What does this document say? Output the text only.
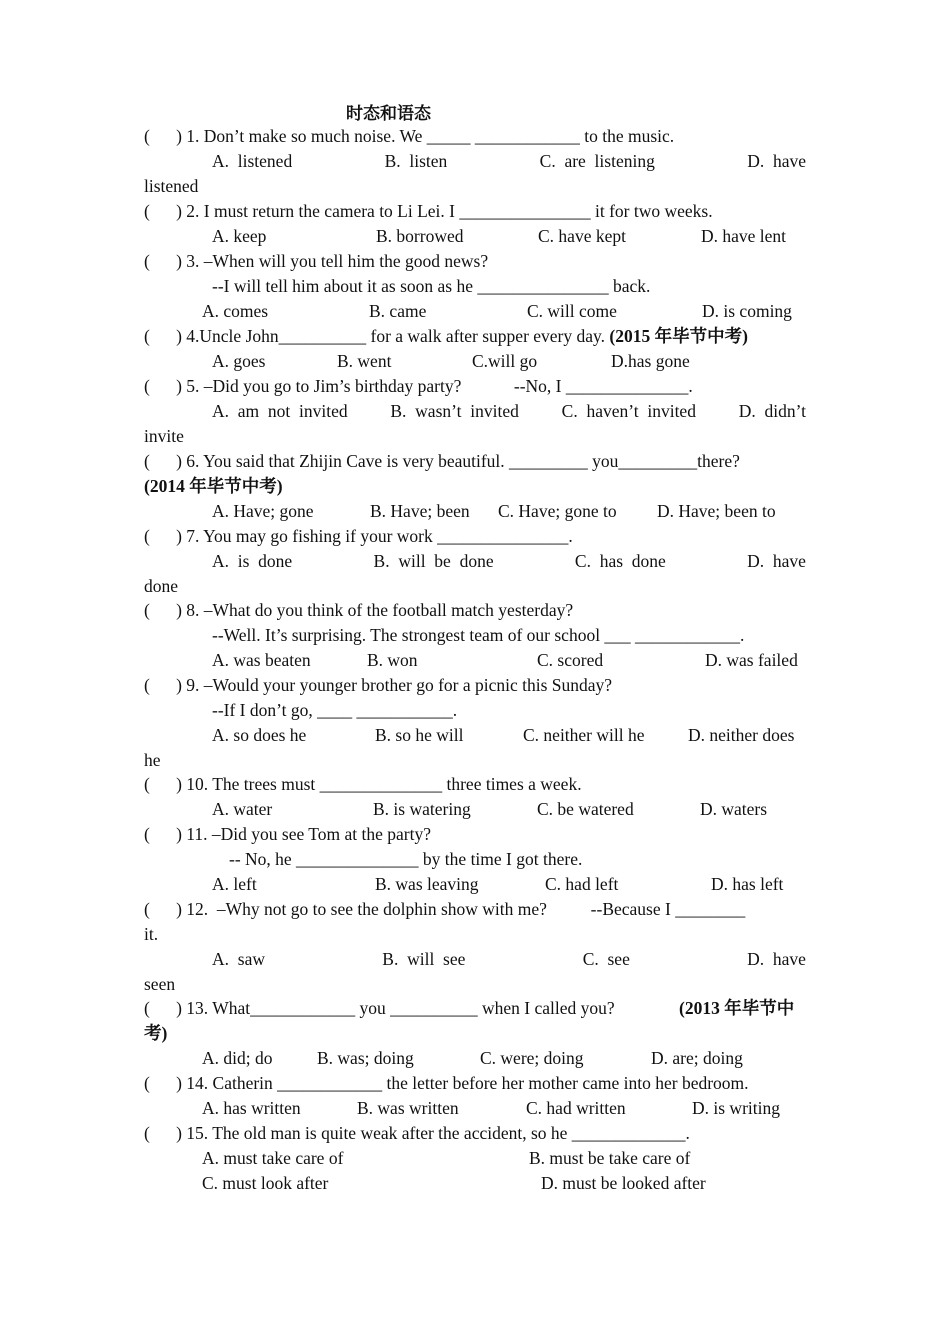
时态和语态
(      ) 1. Don’t make so much noise. We _____ ____________ to the music.
A.  listened	B.  listen	C.  are  listening	D.  have
listened
(      ) 2. I must return the camera to Li Lei. I _______________ it for two weeks.
A. keep	B. borrowed	C. have kept	D. have lent
(      ) 3. –When will you tell him the good news?
--I will tell him about it as soon as he _______________ back.
A. comes	B. came	C. will come	D. is coming
(      ) 4.Uncle John__________ for a walk after supper every day. (2015 年毕节中考)
A. goes	B. went	C.will go	D.has gone
(      ) 5. –Did you go to Jim’s birthday party?            --No, I ______________.
A.  am  not  invited B.  wasn’t  invited C.  haven’t  invited D.  didn’t
invite
(      ) 6. You said that Zhijin Cave is very beautiful. _________ you_________there?
(2014 年毕节中考)
A. Have; gone	B. Have; been C. Have; gone to D. Have; been to
(      ) 7. You may go fishing if your work _______________.
A.  is  done	B.  will  be  done	C.  has  done	D.  have
done
(      ) 8. –What do you think of the football match yesterday?
--Well. It’s surprising. The strongest team of our school ___ ____________.
A. was beaten	B. won	C. scored	D. was failed
(      ) 9. –Would your younger brother go for a picnic this Sunday?
--If I don’t go, ____ ___________.
A. so does he	B. so he will	C. neither will he D. neither does
he
(      ) 10. The trees must ______________ three times a week.
A. water	B. is watering	C. be watered	D. waters
(      ) 11. –Did you see Tom at the party?
-- No, he ______________ by the time I got there.
A. left	B. was leaving	C. had left	D. has left
(      ) 12.  –Why not go to see the dolphin show with me?          --Because I ________
it.
A.  saw	B.  will  see	C.  see	D.  have
seen
(      ) 13. What____________ you __________ when I called you?	(2013 年毕节中
考)
A. did; do	B. was; doing	C. were; doing	D. are; doing
(      ) 14. Catherin ____________ the letter before her mother came into her bedroom.
A. has written	B. was written	C. had written	D. is writing
(      ) 15. The old man is quite weak after the accident, so he _____________.
A. must take care of	B. must be take care of
C. must look after	D. must be looked after
